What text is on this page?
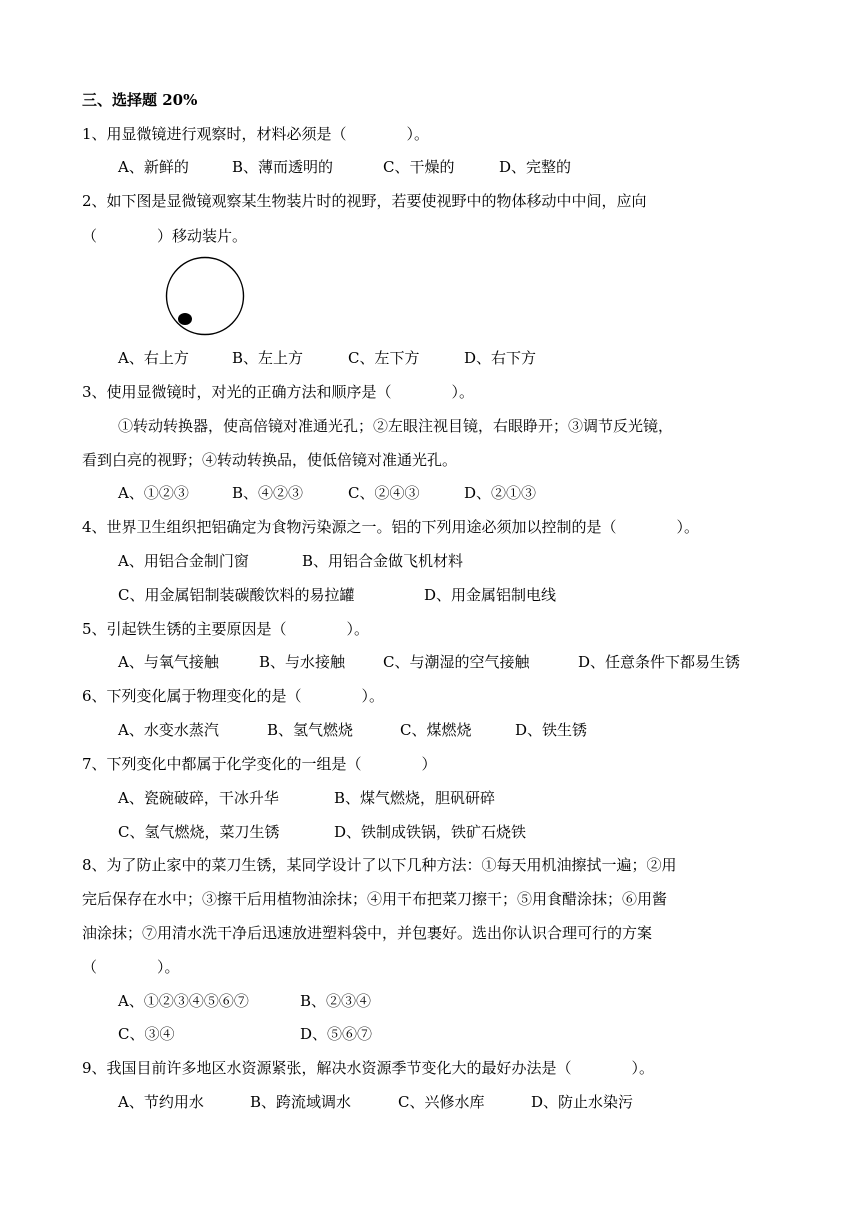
三、选择题 20%
1、用显微镜进行观察时，材料必须是（　　　　）。
A、新鲜的	B、薄而透明的	C、干燥的	D、完整的
2、如下图是显微镜观察某生物装片时的视野，若要使视野中的物体移动中中间，应向
（　　　　）移动装片。
A、右上方	B、左上方	C、左下方	D、右下方
3、使用显微镜时，对光的正确方法和顺序是（　　　　）。
①转动转换器，使高倍镜对准通光孔；②左眼注视目镜，右眼睁开；③调节反光镜，
看到白亮的视野；④转动转换品，使低倍镜对准通光孔。
A、①②③	B、④②③	C、②④③	D、②①③
4、世界卫生组织把铝确定为食物污染源之一。铝的下列用途必须加以控制的是（　　　　）。
A、用铝合金制门窗	B、用铝合金做飞机材料
C、用金属铝制装碳酸饮料的易拉罐	D、用金属铝制电线
5、引起铁生锈的主要原因是（　　　　）。
A、与氧气接触	B、与水接触	C、与潮湿的空气接触	D、任意条件下都易生锈
6、下列变化属于物理变化的是（　　　　）。
A、水变水蒸汽	B、氢气燃烧	C、煤燃烧	D、铁生锈
7、下列变化中都属于化学变化的一组是（　　　　）
A、瓷碗破碎，干冰升华	B、煤气燃烧，胆矾研碎
C、氢气燃烧，菜刀生锈	D、铁制成铁锅，铁矿石烧铁
8、为了防止家中的菜刀生锈，某同学设计了以下几种方法：①每天用机油擦拭一遍；②用
完后保存在水中；③擦干后用植物油涂抹；④用干布把菜刀擦干；⑤用食醋涂抹；⑥用酱
油涂抹；⑦用清水洗干净后迅速放进塑料袋中，并包裹好。选出你认识合理可行的方案
（　　　　）。
A、①②③④⑤⑥⑦	B、②③④
C、③④	D、⑤⑥⑦
9、我国目前许多地区水资源紧张，解决水资源季节变化大的最好办法是（　　　　）。
A、节约用水	B、跨流域调水	C、兴修水库	D、防止水染污
